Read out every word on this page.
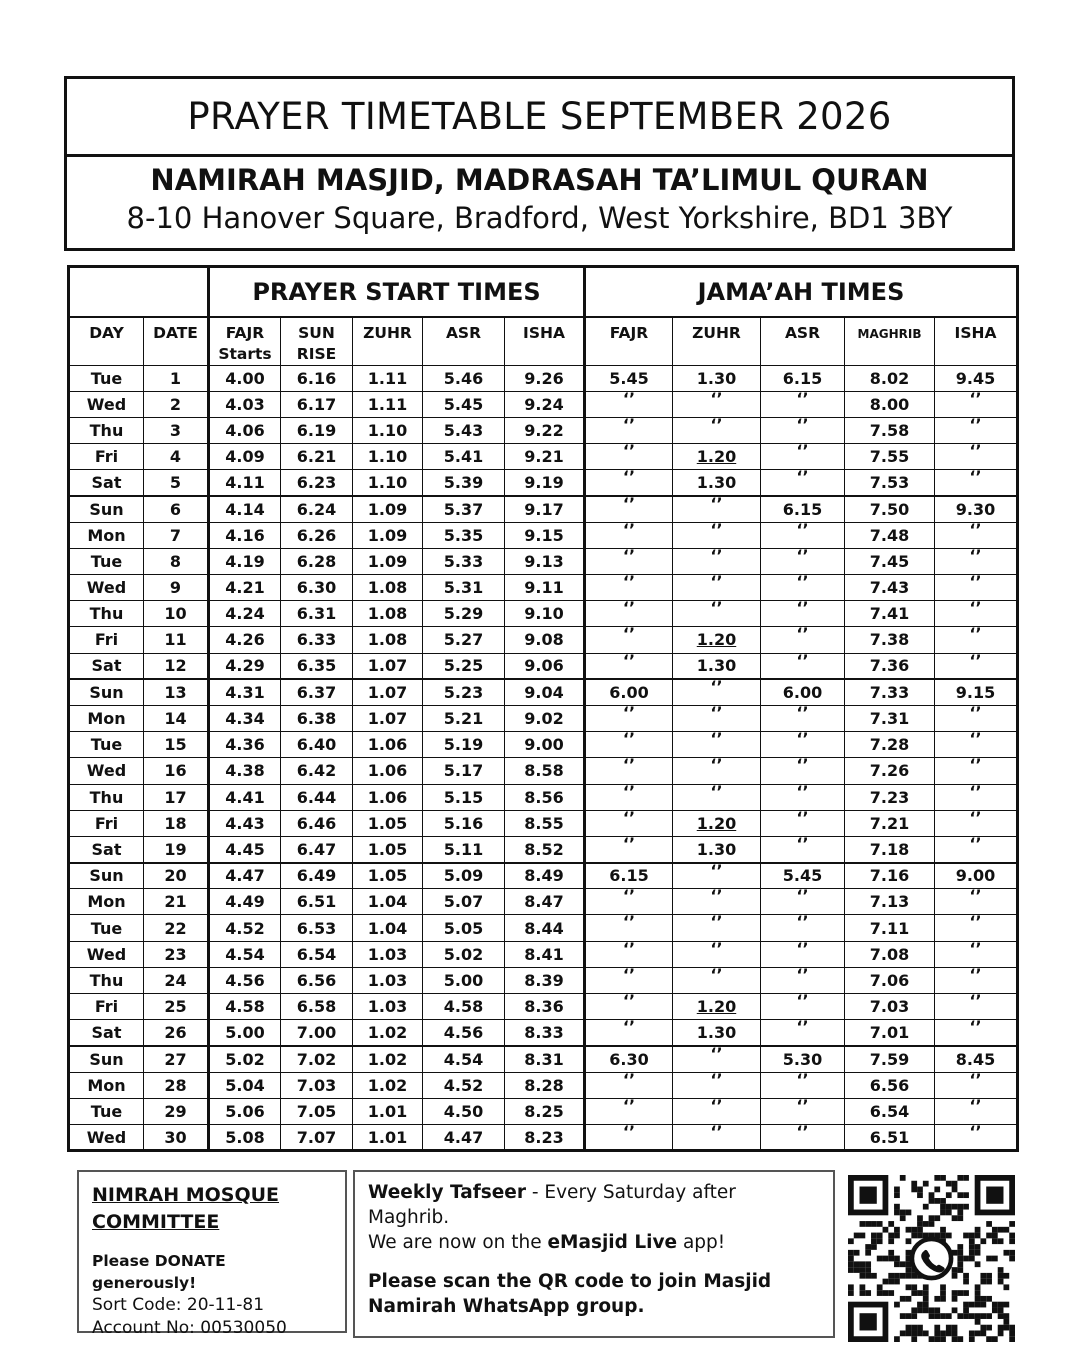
PRAYER TIMETABLE SEPTEMBER 2026
NAMIRAH MASJID, MADRASAH TA’LIMUL QURAN
8-10 Hanover Square, Bradford, West Yorkshire, BD1 3BY
		PRAYER START TIMES					JAMA’AH TIMES				
DAY	DATE	FAJR
Starts	SUN
RISE	ZUHR	ASR	ISHA	FAJR	ZUHR	ASR	MAGHRIB	ISHA
Tue	1	4.00	6.16	1.11	5.46	9.26	5.45	1.30	6.15	8.02	9.45
Wed	2	4.03	6.17	1.11	5.45	9.24	‘’	‘’	‘’	8.00	‘’
Thu	3	4.06	6.19	1.10	5.43	9.22	‘’	‘’	‘’	7.58	‘’
Fri	4	4.09	6.21	1.10	5.41	9.21	‘’	1.20	‘’	7.55	‘’
Sat	5	4.11	6.23	1.10	5.39	9.19	‘’	1.30	‘’	7.53	‘’
Sun	6	4.14	6.24	1.09	5.37	9.17	‘’	‘’	6.15	7.50	9.30
Mon	7	4.16	6.26	1.09	5.35	9.15	‘’	‘’	‘’	7.48	‘’
Tue	8	4.19	6.28	1.09	5.33	9.13	‘’	‘’	‘’	7.45	‘’
Wed	9	4.21	6.30	1.08	5.31	9.11	‘’	‘’	‘’	7.43	‘’
Thu	10	4.24	6.31	1.08	5.29	9.10	‘’	‘’	‘’	7.41	‘’
Fri	11	4.26	6.33	1.08	5.27	9.08	‘’	1.20	‘’	7.38	‘’
Sat	12	4.29	6.35	1.07	5.25	9.06	‘’	1.30	‘’	7.36	‘’
Sun	13	4.31	6.37	1.07	5.23	9.04	6.00	‘’	6.00	7.33	9.15
Mon	14	4.34	6.38	1.07	5.21	9.02	‘’	‘’	‘’	7.31	‘’
Tue	15	4.36	6.40	1.06	5.19	9.00	‘’	‘’	‘’	7.28	‘’
Wed	16	4.38	6.42	1.06	5.17	8.58	‘’	‘’	‘’	7.26	‘’
Thu	17	4.41	6.44	1.06	5.15	8.56	‘’	‘’	‘’	7.23	‘’
Fri	18	4.43	6.46	1.05	5.16	8.55	‘’	1.20	‘’	7.21	‘’
Sat	19	4.45	6.47	1.05	5.11	8.52	‘’	1.30	‘’	7.18	‘’
Sun	20	4.47	6.49	1.05	5.09	8.49	6.15	‘’	5.45	7.16	9.00
Mon	21	4.49	6.51	1.04	5.07	8.47	‘’	‘’	‘’	7.13	‘’
Tue	22	4.52	6.53	1.04	5.05	8.44	‘’	‘’	‘’	7.11	‘’
Wed	23	4.54	6.54	1.03	5.02	8.41	‘’	‘’	‘’	7.08	‘’
Thu	24	4.56	6.56	1.03	5.00	8.39	‘’	‘’	‘’	7.06	‘’
Fri	25	4.58	6.58	1.03	4.58	8.36	‘’	1.20	‘’	7.03	‘’
Sat	26	5.00	7.00	1.02	4.56	8.33	‘’	1.30	‘’	7.01	‘’
Sun	27	5.02	7.02	1.02	4.54	8.31	6.30	‘’	5.30	7.59	8.45
Mon	28	5.04	7.03	1.02	4.52	8.28	‘’	‘’	‘’	6.56	‘’
Tue	29	5.06	7.05	1.01	4.50	8.25	‘’	‘’	‘’	6.54	‘’
Wed	30	5.08	7.07	1.01	4.47	8.23	‘’	‘’	‘’	6.51	‘’
NIMRAH MOSQUE
COMMITTEE
Please DONATE generously!
Sort Code: 20-11-81
Account No: 00530050
Weekly Tafseer - Every Saturday after Maghrib.
We are now on the eMasjid Live app!
Please scan the QR code to join Masjid Namirah WhatsApp group.
